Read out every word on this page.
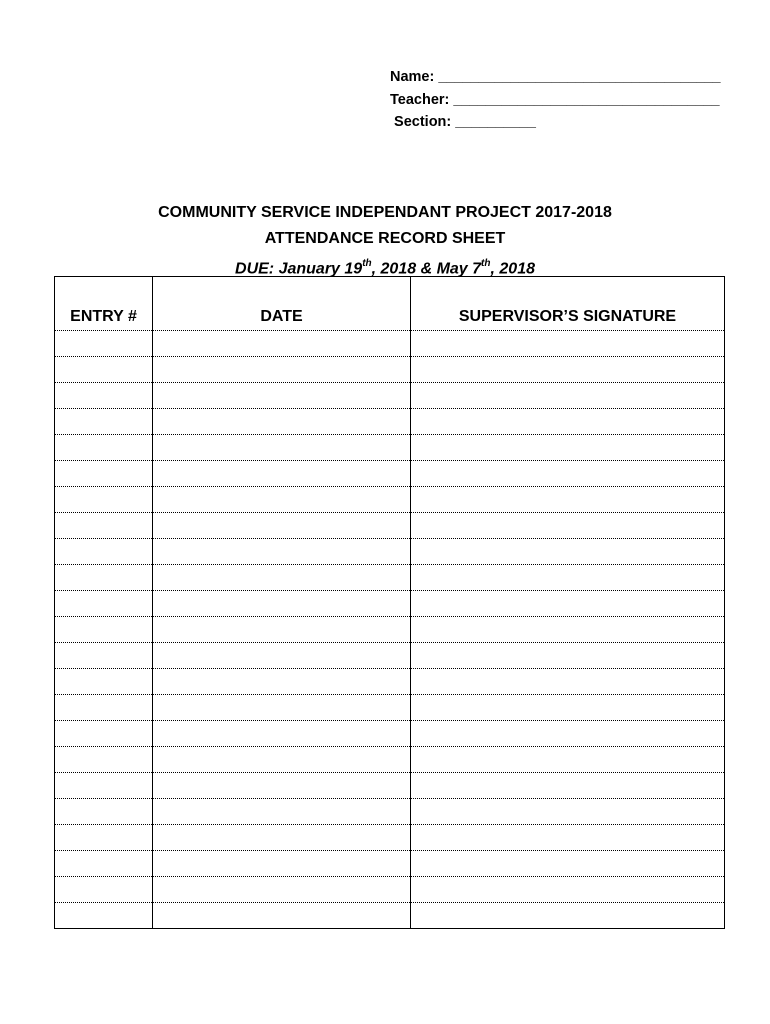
Name: ___________________________________
Teacher: _________________________________
Section: __________
COMMUNITY SERVICE INDEPENDANT PROJECT 2017-2018
ATTENDANCE RECORD SHEET
DUE: January 19th, 2018 & May 7th, 2018
ENTRY #	DATE	SUPERVISOR’S SIGNATURE
